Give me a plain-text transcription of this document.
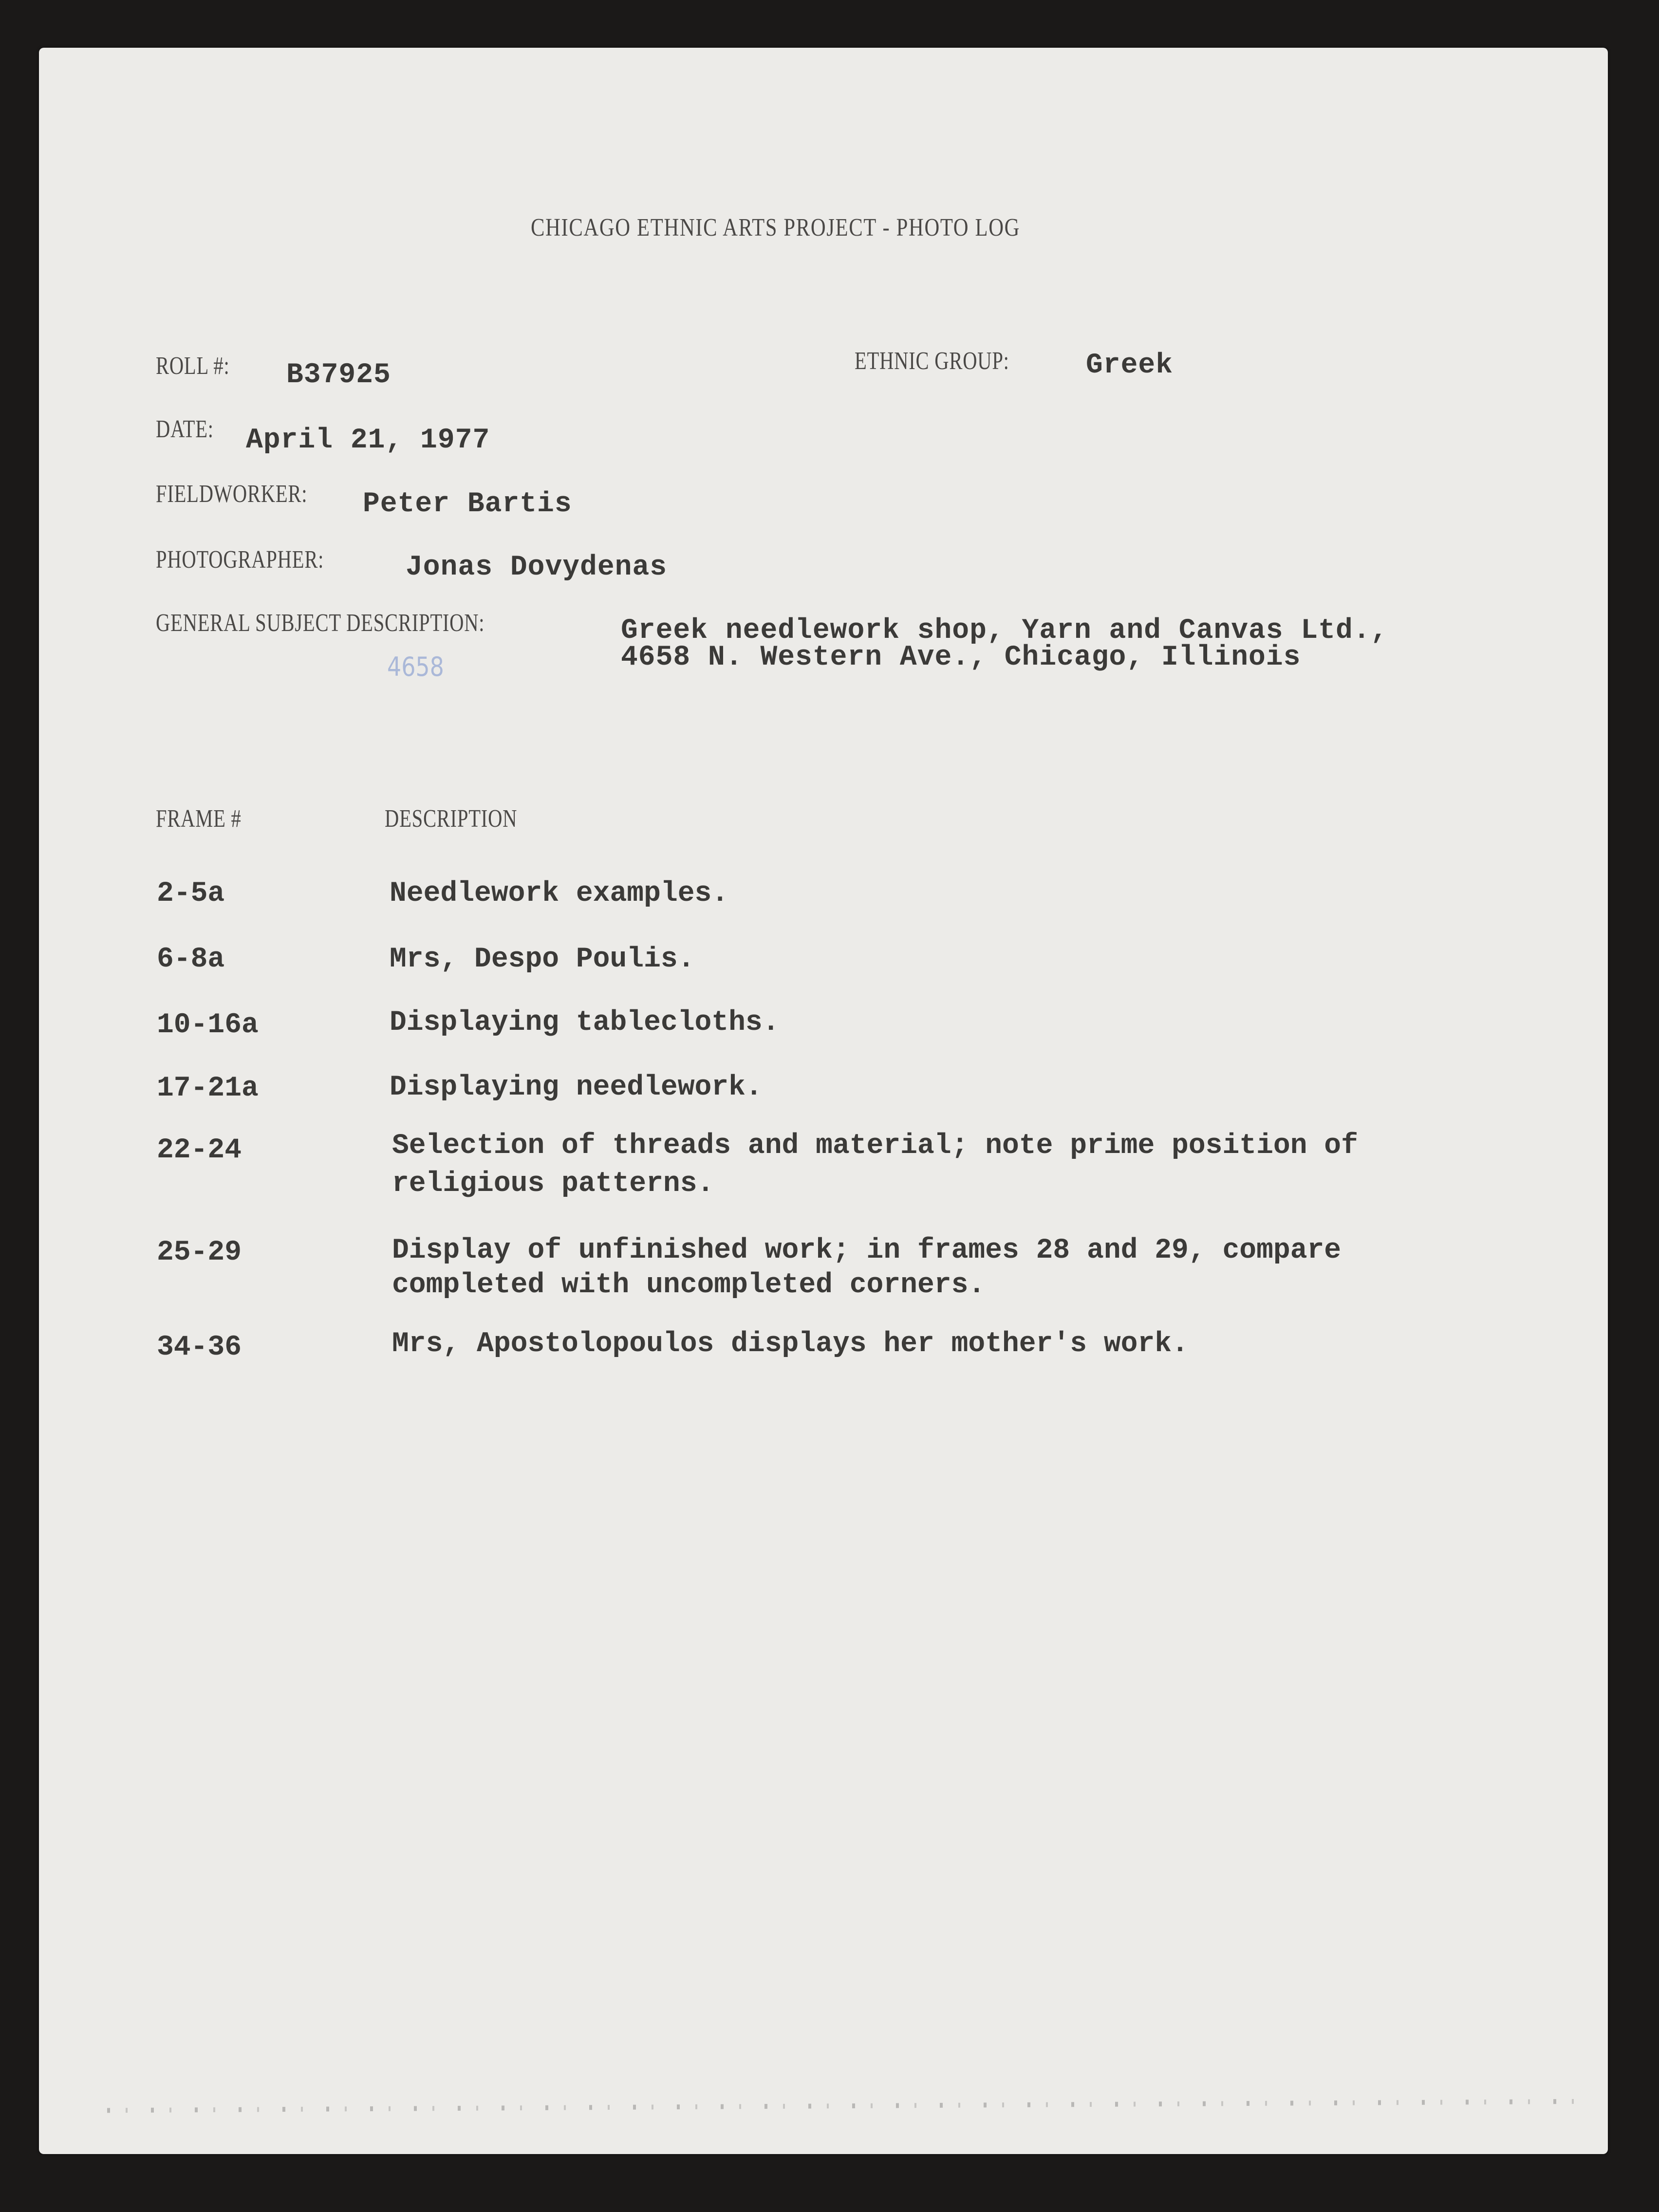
CHICAGO ETHNIC ARTS PROJECT - PHOTO LOG
ROLL #: B37925	ETHNIC GROUP:	Greek
DATE: April 21, 1977
FIELDWORKER: Peter Bartis
PHOTOGRAPHER:	Jonas Dovydenas
GENERAL SUBJECT DESCRIPTION:	Greek needlework shop, Yarn and Canvas Ltd.,
4658 N. Western Ave., Chicago, Illinois
4658
FRAME #	DESCRIPTION
2-5a	Needlework examples.
6-8a	Mrs, Despo Poulis.
10-16a	Displaying tablecloths.
17-21a	Displaying needlework.
22-24	Selection of threads and material; note prime position of
religious patterns.
25-29	Display of unfinished work; in frames 28 and 29, compare
completed with uncompleted corners.
34-36	Mrs, Apostolopoulos displays her mother's work.
